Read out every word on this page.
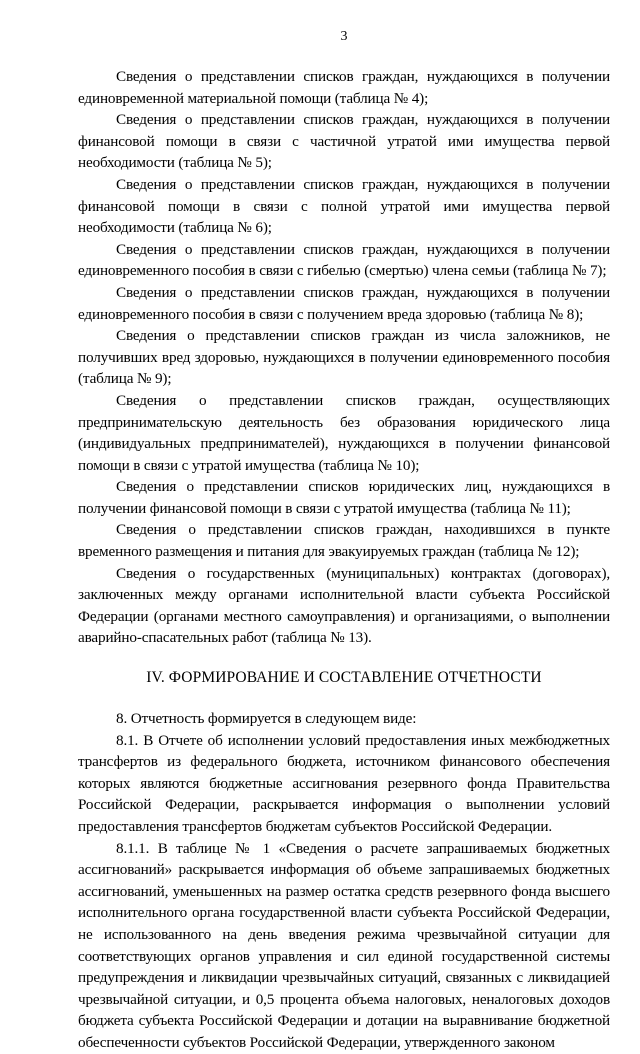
3

Сведения о представлении списков граждан, нуждающихся в получении единовременной материальной помощи (таблица № 4);

Сведения о представлении списков граждан, нуждающихся в получении финансовой помощи в связи с частичной утратой ими имущества первой необходимости (таблица № 5);

Сведения о представлении списков граждан, нуждающихся в получении финансовой помощи в связи с полной утратой ими имущества первой необходимости (таблица № 6);

Сведения о представлении списков граждан, нуждающихся в получении единовременного пособия в связи с гибелью (смертью) члена семьи (таблица № 7);

Сведения о представлении списков граждан, нуждающихся в получении единовременного пособия в связи с получением вреда здоровью (таблица № 8);

Сведения о представлении списков граждан из числа заложников, не получивших вред здоровью, нуждающихся в получении единовременного пособия (таблица № 9);

Сведения о представлении списков граждан, осуществляющих предпринимательскую деятельность без образования юридического лица (индивидуальных предпринимателей), нуждающихся в получении финансовой помощи в связи с утратой имущества (таблица № 10);

Сведения о представлении списков юридических лиц, нуждающихся в получении финансовой помощи в связи с утратой имущества (таблица № 11);

Сведения о представлении списков граждан, находившихся в пункте временного размещения и питания для эвакуируемых граждан (таблица № 12);

Сведения о государственных (муниципальных) контрактах (договорах), заключенных между органами исполнительной власти субъекта Российской Федерации (органами местного самоуправления) и организациями, о выполнении аварийно-спасательных работ (таблица № 13).

IV. ФОРМИРОВАНИЕ И СОСТАВЛЕНИЕ ОТЧЕТНОСТИ

8. Отчетность формируется в следующем виде:

8.1. В Отчете об исполнении условий предоставления иных межбюджетных трансфертов из федерального бюджета, источником финансового обеспечения которых являются бюджетные ассигнования резервного фонда Правительства Российской Федерации, раскрывается информация о выполнении условий предоставления трансфертов бюджетам субъектов Российской Федерации.

8.1.1. В таблице № 1 «Сведения о расчете запрашиваемых бюджетных ассигнований» раскрывается информация об объеме запрашиваемых бюджетных ассигнований, уменьшенных на размер остатка средств резервного фонда высшего исполнительного органа государственной власти субъекта Российской Федерации, не использованного на день введения режима чрезвычайной ситуации для соответствующих органов управления и сил единой государственной системы предупреждения и ликвидации чрезвычайных ситуаций, связанных с ликвидацией чрезвычайной ситуации, и 0,5 процента объема налоговых, неналоговых доходов бюджета субъекта Российской Федерации и дотации на выравнивание бюджетной обеспеченности субъектов Российской Федерации, утвержденного законом
